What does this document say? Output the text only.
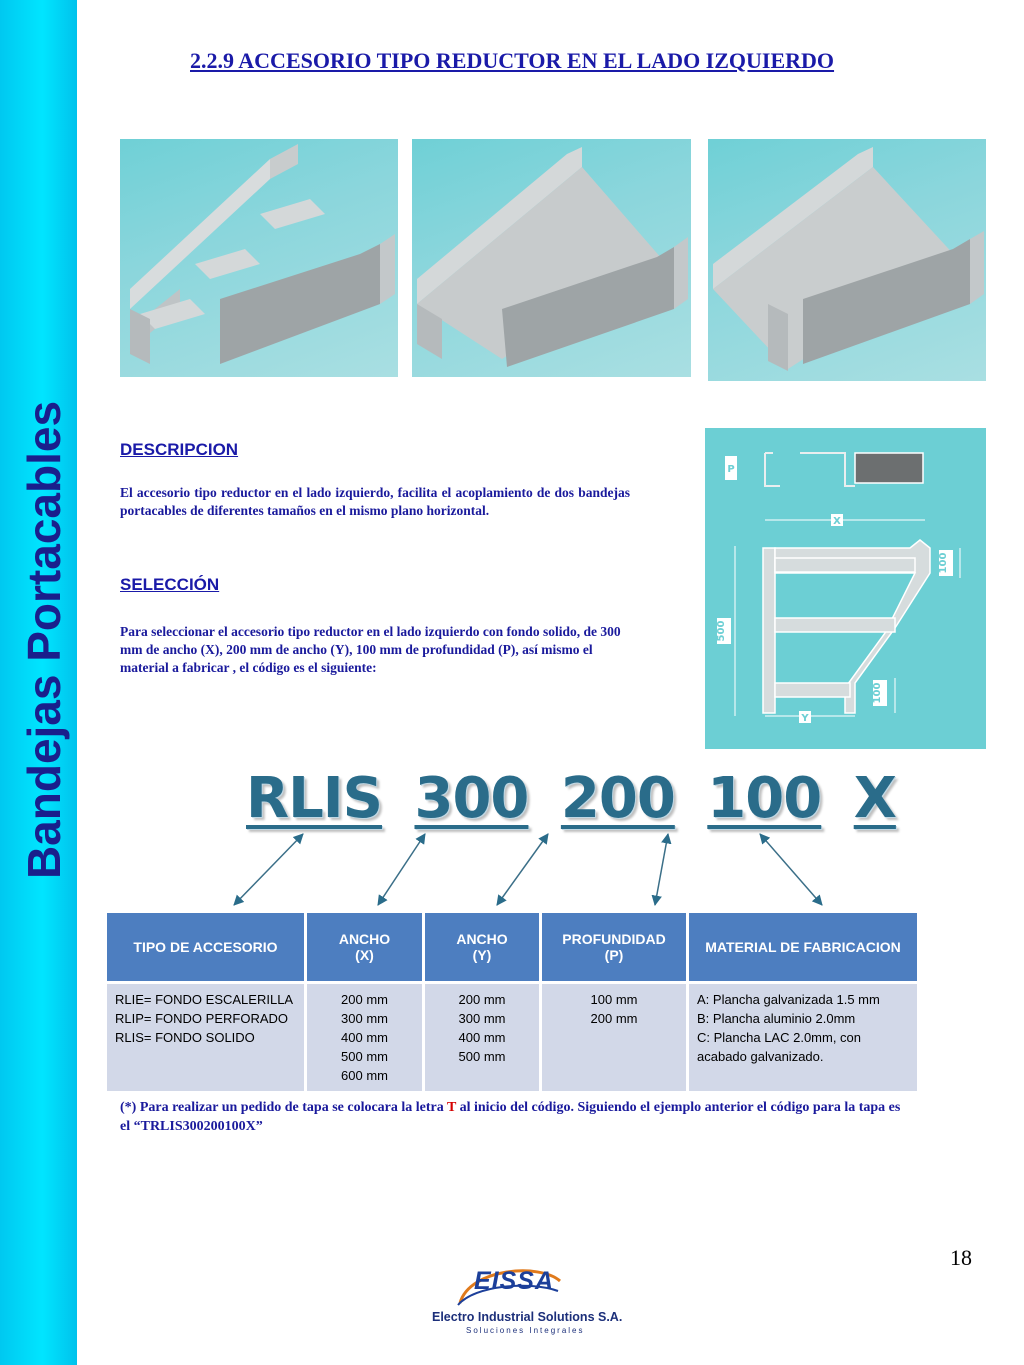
Bandejas Portacables
2.2.9 ACCESORIO TIPO REDUCTOR EN EL LADO IZQUIERDO
DESCRIPCION
El accesorio tipo reductor en el lado izquierdo, facilita el acoplamiento de dos bandejas portacables de diferentes tamaños en el mismo plano horizontal.
SELECCIÓN
Para seleccionar el accesorio tipo reductor en el lado izquierdo con fondo solido, de 300 mm de ancho (X), 200 mm de ancho (Y), 100 mm de profundidad (P), así mismo el material a fabricar , el código es el siguiente:
P
X
500
100
100
Y
RLIS 300 200 100 X
TIPO DE ACCESORIO	ANCHO
(X)	ANCHO
(Y)	PROFUNDIDAD
(P)	MATERIAL DE FABRICACION

RLIE= FONDO ESCALERILLA
RLIP= FONDO PERFORADO
RLIS= FONDO SOLIDO	200 mm
300 mm
400 mm
500 mm
600 mm	200 mm
300 mm
400 mm
500 mm	100 mm
200 mm	A: Plancha galvanizada 1.5 mm
B: Plancha aluminio 2.0mm
C: Plancha LAC 2.0mm, con
acabado galvanizado.
(*) Para realizar un pedido de tapa se colocara la letra T al inicio del código. Siguiendo el ejemplo anterior el código para la tapa es el “TRLIS300200100X”
18
EISSA
Electro Industrial Solutions S.A.
Soluciones Integrales
